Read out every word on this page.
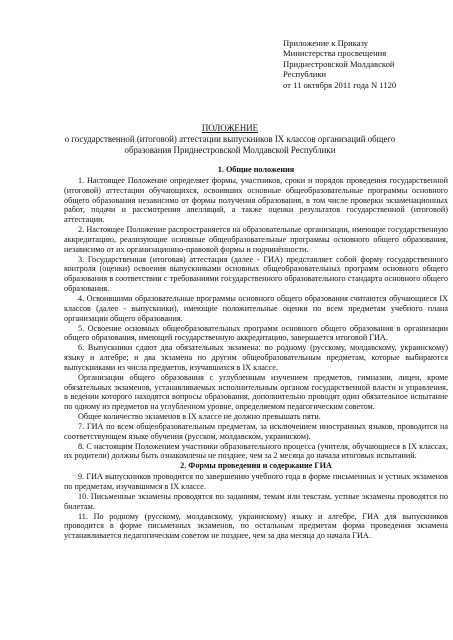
Приложение к Приказу
Министерства просвещения
Приднестровской Молдавской
Республики
от 11 октября 2011 года N 1120
ПОЛОЖЕНИЕ
о государственной (итоговой) аттестации выпускников IX классов организаций общего образования Приднестровской Молдавской Республики
1. Общие положения

1. Настоящее Положение определяет формы, участников, сроки и порядок проведения государственной (итоговой) аттестации обучающихся, освоивших основные общеобразовательные программы основного общего образования независимо от формы получения образования, в том числе проверки экзаменационных работ, подачи и рассмотрения апелляций, а также оценки результатов государственной (итоговой) аттестации.

2. Настоящее Положение распространяется на образовательные организации, имеющие государственную аккредитацию, реализующие основные общеобразовательные программы основного общего образования, независимо от их организационно-правовой формы и подчинённости.

3. Государственная (итоговая) аттестация (далее - ГИА) представляет собой форму государственного контроля (оценки) освоения выпускниками основных общеобразовательных программ основного общего образования в соответствии с требованиями государственного образовательного стандарта основного общего образования.

4. Освоившими образовательные программы основного общего образования считаются обучающиеся IX классов (далее - выпускники), имеющие положительные оценки по всем предметам учебного плана организации общего образования.

5. Освоение основных общеобразовательных программ основного общего образования в организации общего образования, имеющей государственную аккредитацию, завершается итоговой ГИА.

6. Выпускники сдают два обязательных экзамена: по родному (русскому, молдавскому, украинскому) языку и алгебре; и два экзамена по другим общеобразовательным предметам, которые выбираются выпускниками из числа предметов, изучавшихся в IX классе.

Организации общего образования с углубленным изучением предметов, гимназии, лицеи, кроме обязательных экзаменов, устанавливаемых исполнительным органом государственной власти и управления, в ведении которого находятся вопросы образования, дополнительно проводят один обязательное испытание по одному из предметов на углубленном уровне, определяемом педагогическим советом.

Общее количество экзаменов в IX классе не должно превышать пяти.

7. ГИА по всем общеобразовательным предметам, за исключением иностранных языков, проводится на соответствующем языке обучения (русском, молдавском, украинском).

8. С настоящим Положением участники образовательного процесса (учителя, обучающиеся в IX классах, их родители) должны быть ознакомлены не позднее, чем за 2 месяца до начала итоговых испытаний.

2. Формы проведения и содержание ГИА

9. ГИА выпускников проводится по завершению учебного года в форме письменных и устных экзаменов по предметам, изучавшимся в IX классе.

10. Письменные экзамены проводятся по заданиям, темам или текстам, устные экзамены проводятся по билетам.

11. По родному (русскому, молдавскому, украинскому) языку и алгебре, ГИА для выпускников проводится в форме письменных экзаменов, по остальным предметам форма проведения экзамена устанавливается педагогическим советом не позднее, чем за два месяца до начала ГИА.
